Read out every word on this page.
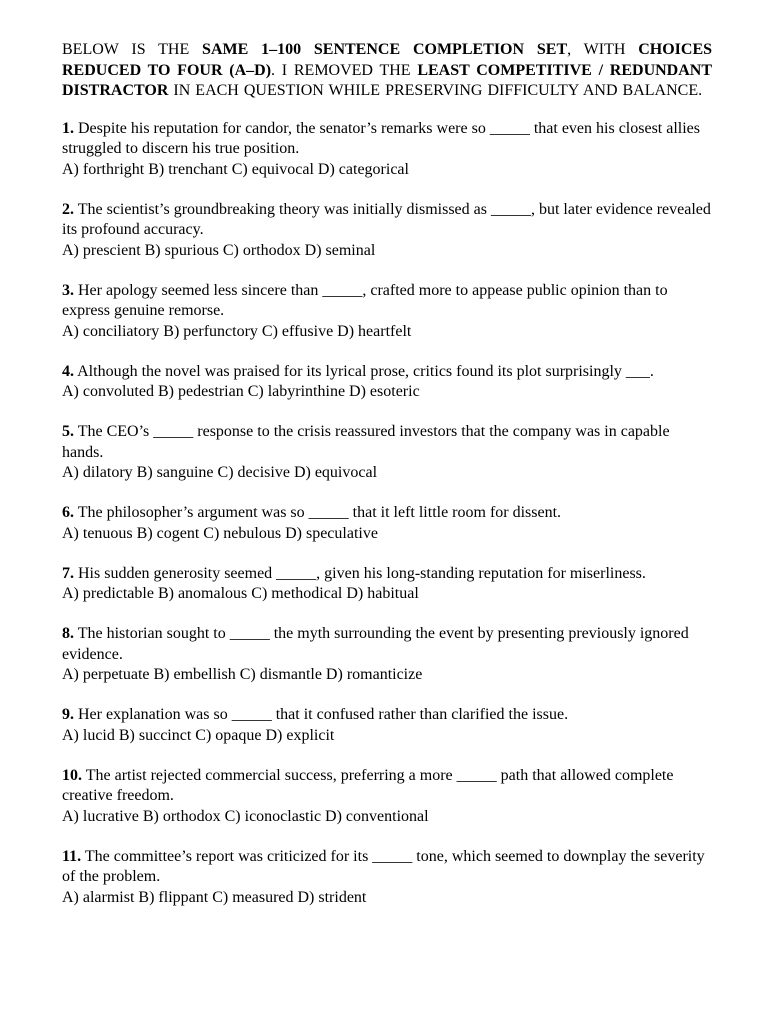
BELOW IS THE SAME 1–100 SENTENCE COMPLETION SET, WITH CHOICES REDUCED TO FOUR (A–D). I REMOVED THE LEAST COMPETITIVE / REDUNDANT DISTRACTOR IN EACH QUESTION WHILE PRESERVING DIFFICULTY AND BALANCE.

1. Despite his reputation for candor, the senator’s remarks were so _____ that even his closest allies struggled to discern his true position.
A) forthright B) trenchant C) equivocal D) categorical
2. The scientist’s groundbreaking theory was initially dismissed as _____, but later evidence revealed its profound accuracy.
A) prescient B) spurious C) orthodox D) seminal
3. Her apology seemed less sincere than _____, crafted more to appease public opinion than to express genuine remorse.
A) conciliatory B) perfunctory C) effusive D) heartfelt
4. Although the novel was praised for its lyrical prose, critics found its plot surprisingly ___.
A) convoluted B) pedestrian C) labyrinthine D) esoteric
5. The CEO’s _____ response to the crisis reassured investors that the company was in capable hands.
A) dilatory B) sanguine C) decisive D) equivocal
6. The philosopher’s argument was so _____ that it left little room for dissent.
A) tenuous B) cogent C) nebulous D) speculative
7. His sudden generosity seemed _____, given his long-standing reputation for miserliness.
A) predictable B) anomalous C) methodical D) habitual
8. The historian sought to _____ the myth surrounding the event by presenting previously ignored evidence.
A) perpetuate B) embellish C) dismantle D) romanticize
9. Her explanation was so _____ that it confused rather than clarified the issue.
A) lucid B) succinct C) opaque D) explicit
10. The artist rejected commercial success, preferring a more _____ path that allowed complete creative freedom.
A) lucrative B) orthodox C) iconoclastic D) conventional
11. The committee’s report was criticized for its _____ tone, which seemed to downplay the severity of the problem.
A) alarmist B) flippant C) measured D) strident
